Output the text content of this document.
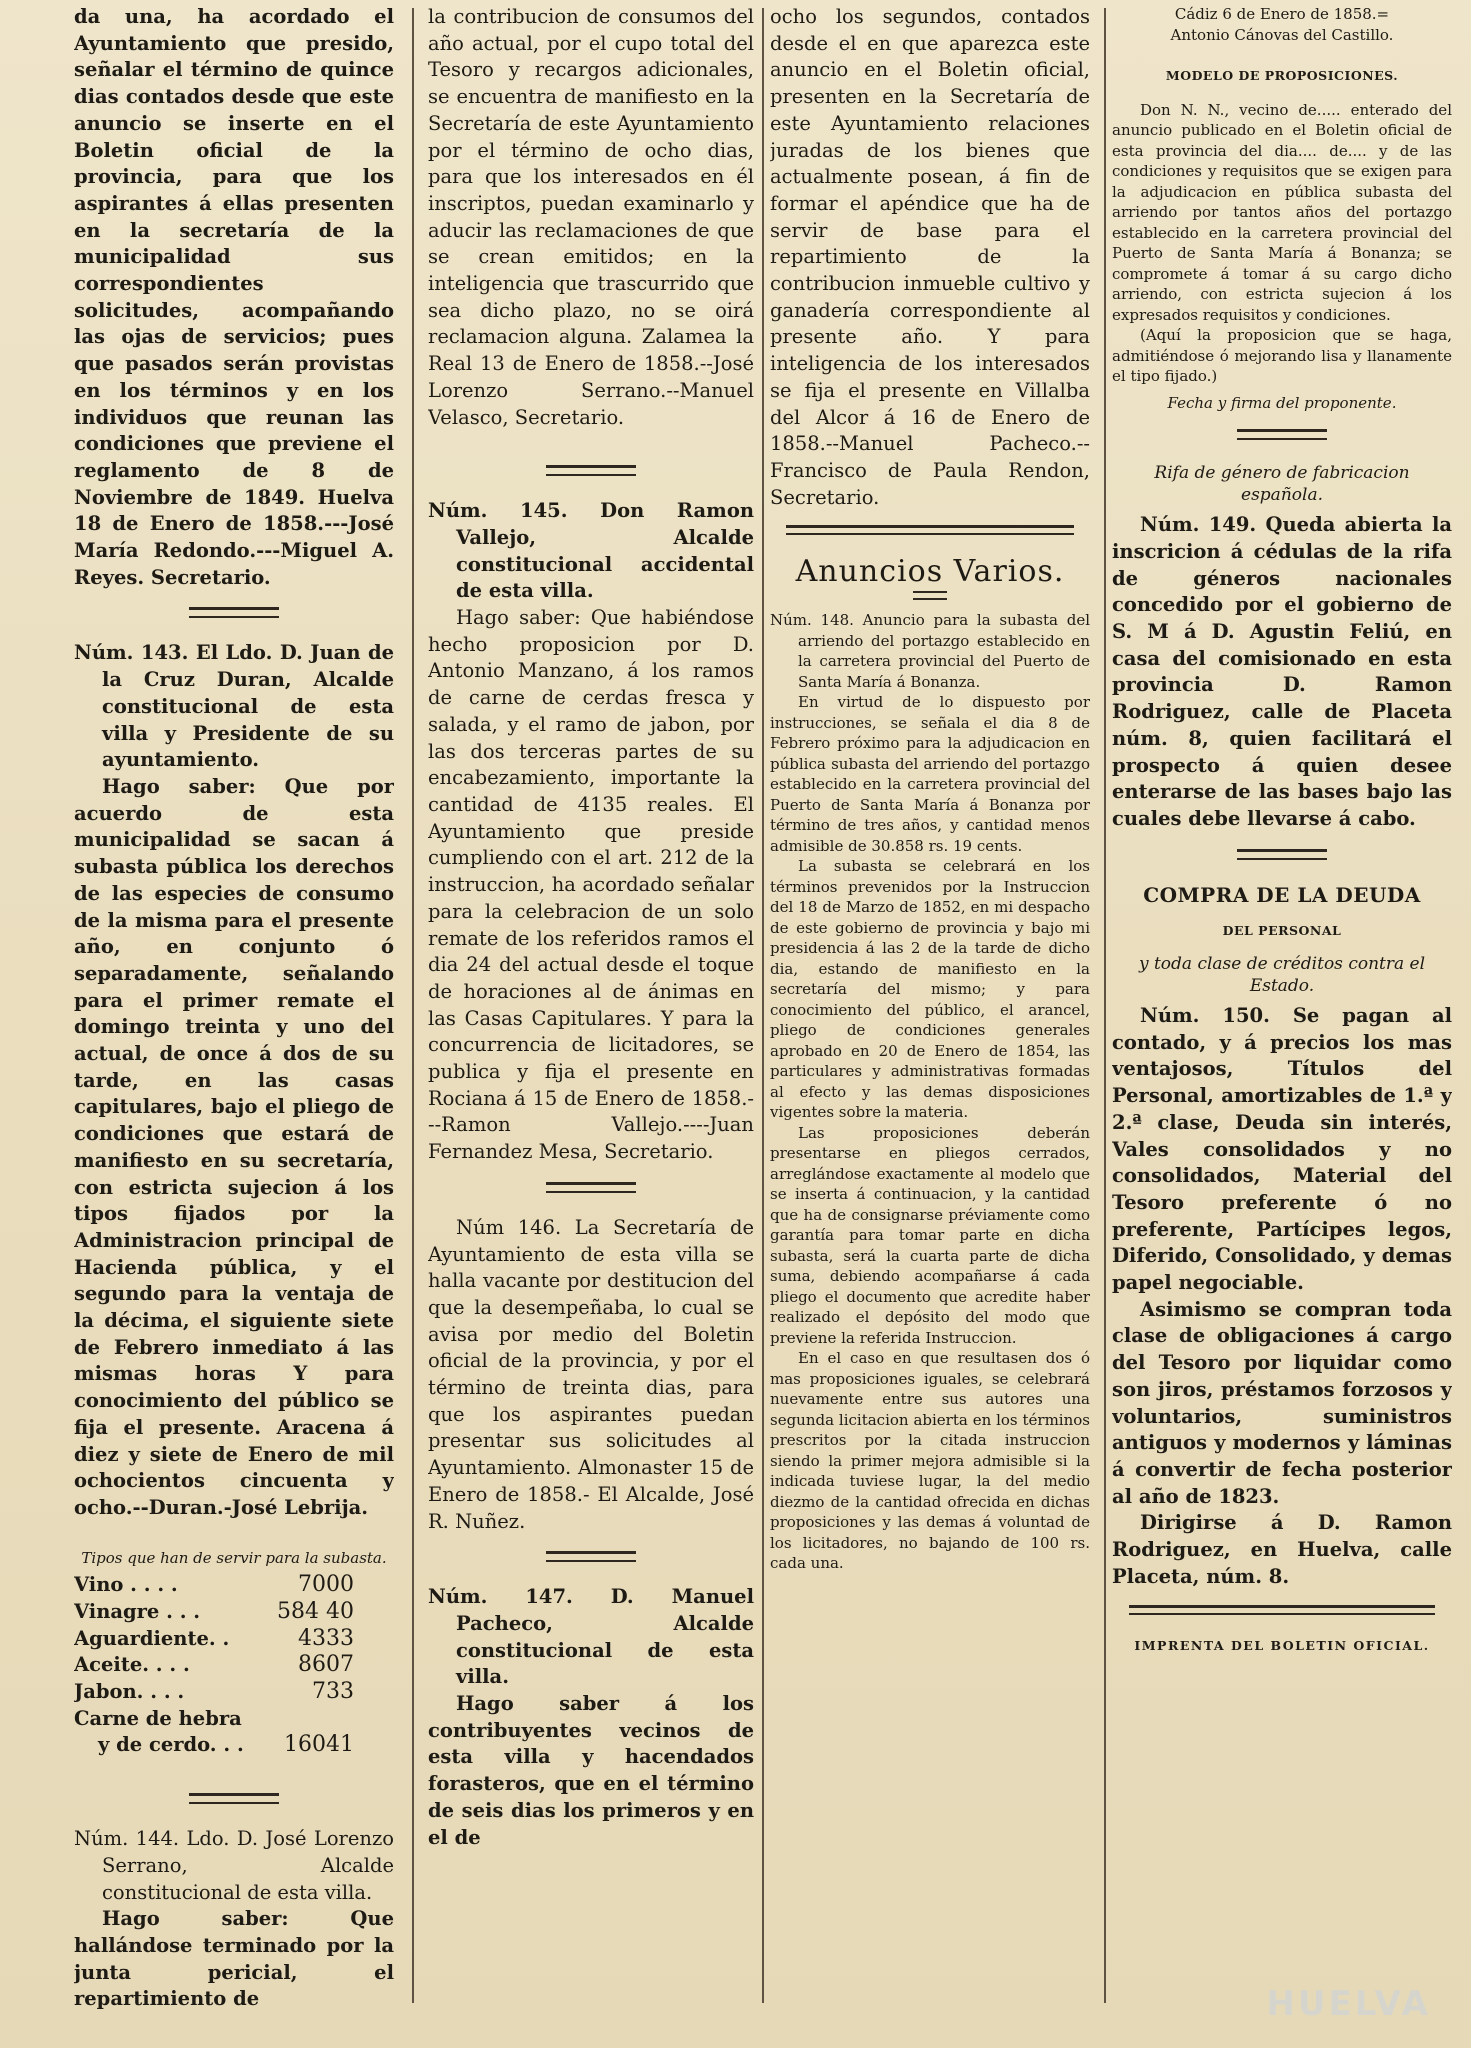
da una, ha acordado el Ayuntamiento que presido, señalar el término de quince dias contados desde que este anuncio se inserte en el Boletin oficial de la provincia, para que los aspirantes á ellas presenten en la secretaría de la municipalidad sus correspondientes solicitudes, acompañando las ojas de servicios; pues que pasados serán provistas en los términos y en los individuos que reunan las condiciones que previene el reglamento de 8 de Noviembre de 1849. Huelva 18 de Enero de 1858.---José María Redondo.---Miguel A. Reyes. Secretario.

Núm. 143. El Ldo. D. Juan de la Cruz Duran, Alcalde constitucional de esta villa y Presidente de su ayuntamiento.

Hago saber: Que por acuerdo de esta municipalidad se sacan á subasta pública los derechos de las especies de consumo de la misma para el presente año, en conjunto ó separadamente, señalando para el primer remate el domingo treinta y uno del actual, de once á dos de su tarde, en las casas capitulares, bajo el pliego de condiciones que estará de manifiesto en su secretaría, con estricta sujecion á los tipos fijados por la Administracion principal de Hacienda pública, y el segundo para la ventaja de la décima, el siguiente siete de Febrero inmediato á las mismas horas Y para conocimiento del público se fija el presente. Aracena á diez y siete de Enero de mil ochocientos cincuenta y ocho.--Duran.-José Lebrija.

Tipos que han de servir para la subasta.

Vino . . . .	7000
Vinagre . . .	584 40
Aguardiente. .	4333
Aceite. . . .	8607
Jabon. . . .	733
Carne de hebra	
y de cerdo. . .	16041

Núm. 144. Ldo. D. José Lorenzo Serrano, Alcalde constitucional de esta villa.

Hago saber: Que hallándose terminado por la junta pericial, el repartimiento de

la contribucion de consumos del año actual, por el cupo total del Tesoro y recargos adicionales, se encuentra de manifiesto en la Secretaría de este Ayuntamiento por el término de ocho dias, para que los interesados en él inscriptos, puedan examinarlo y aducir las reclamaciones de que se crean emitidos; en la inteligencia que trascurrido que sea dicho plazo, no se oirá reclamacion alguna. Zalamea la Real 13 de Enero de 1858.--José Lorenzo Serrano.--Manuel Velasco, Secretario.

Núm. 145. Don Ramon Vallejo, Alcalde constitucional accidental de esta villa.

Hago saber: Que habiéndose hecho proposicion por D. Antonio Manzano, á los ramos de carne de cerdas fresca y salada, y el ramo de jabon, por las dos terceras partes de su encabezamiento, importante la cantidad de 4135 reales. El Ayuntamiento que preside cumpliendo con el art. 212 de la instruccion, ha acordado señalar para la celebracion de un solo remate de los referidos ramos el dia 24 del actual desde el toque de horaciones al de ánimas en las Casas Capitulares. Y para la concurrencia de licitadores, se publica y fija el presente en Rociana á 15 de Enero de 1858.---Ramon Vallejo.----Juan Fernandez Mesa, Secretario.

Núm 146. La Secretaría de Ayuntamiento de esta villa se halla vacante por destitucion del que la desempeñaba, lo cual se avisa por medio del Boletin oficial de la provincia, y por el término de treinta dias, para que los aspirantes puedan presentar sus solicitudes al Ayuntamiento. Almonaster 15 de Enero de 1858.- El Alcalde, José R. Nuñez.

Núm. 147. D. Manuel Pacheco, Alcalde constitucional de esta villa.

Hago saber á los contribuyentes vecinos de esta villa y hacendados forasteros, que en el término de seis dias los primeros y en el de

ocho los segundos, contados desde el en que aparezca este anuncio en el Boletin oficial, presenten en la Secretaría de este Ayuntamiento relaciones juradas de los bienes que actualmente posean, á fin de formar el apéndice que ha de servir de base para el repartimiento de la contribucion inmueble cultivo y ganadería correspondiente al presente año. Y para inteligencia de los interesados se fija el presente en Villalba del Alcor á 16 de Enero de 1858.--Manuel Pacheco.--Francisco de Paula Rendon, Secretario.

Anuncios Varios.

Núm. 148. Anuncio para la subasta del arriendo del portazgo establecido en la carretera provincial del Puerto de Santa María á Bonanza.

En virtud de lo dispuesto por instrucciones, se señala el dia 8 de Febrero próximo para la adjudicacion en pública subasta del arriendo del portazgo establecido en la carretera provincial del Puerto de Santa María á Bonanza por término de tres años, y cantidad menos admisible de 30.858 rs. 19 cents.

La subasta se celebrará en los términos prevenidos por la Instruccion del 18 de Marzo de 1852, en mi despacho de este gobierno de provincia y bajo mi presidencia á las 2 de la tarde de dicho dia, estando de manifiesto en la secretaría del mismo; y para conocimiento del público, el arancel, pliego de condiciones generales aprobado en 20 de Enero de 1854, las particulares y administrativas formadas al efecto y las demas disposiciones vigentes sobre la materia.

Las proposiciones deberán presentarse en pliegos cerrados, arreglándose exactamente al modelo que se inserta á continuacion, y la cantidad que ha de consignarse préviamente como garantía para tomar parte en dicha subasta, será la cuarta parte de dicha suma, debiendo acompañarse á cada pliego el documento que acredite haber realizado el depósito del modo que previene la referida Instruccion.

En el caso en que resultasen dos ó mas proposiciones iguales, se celebrará nuevamente entre sus autores una segunda licitacion abierta en los términos prescritos por la citada instruccion siendo la primer mejora admisible si la indicada tuviese lugar, la del medio diezmo de la cantidad ofrecida en dichas proposiciones y las demas á voluntad de los licitadores, no bajando de 100 rs. cada una.

Cádiz 6 de Enero de 1858.=

Antonio Cánovas del Castillo.

MODELO DE PROPOSICIONES.

Don N. N., vecino de..... enterado del anuncio publicado en el Boletin oficial de esta provincia del dia.... de.... y de las condiciones y requisitos que se exigen para la adjudicacion en pública subasta del arriendo por tantos años del portazgo establecido en la carretera provincial del Puerto de Santa María á Bonanza; se compromete á tomar á su cargo dicho arriendo, con estricta sujecion á los expresados requisitos y condiciones.

(Aquí la proposicion que se haga, admitiéndose ó mejorando lisa y llanamente el tipo fijado.)

Fecha y firma del proponente.

Rifa de género de fabricacion española.

Núm. 149. Queda abierta la inscricion á cédulas de la rifa de géneros nacionales concedido por el gobierno de S. M á D. Agustin Feliú, en casa del comisionado en esta provincia D. Ramon Rodriguez, calle de Placeta núm. 8, quien facilitará el prospecto á quien desee enterarse de las bases bajo las cuales debe llevarse á cabo.

COMPRA DE LA DEUDA

DEL PERSONAL

y toda clase de créditos contra el Estado.

Núm. 150. Se pagan al contado, y á precios los mas ventajosos, Títulos del Personal, amortizables de 1.ª y 2.ª clase, Deuda sin interés, Vales consolidados y no consolidados, Material del Tesoro preferente ó no preferente, Partícipes legos, Diferido, Consolidado, y demas papel negociable.

Asimismo se compran toda clase de obligaciones á cargo del Tesoro por liquidar como son jiros, préstamos forzosos y voluntarios, suministros antiguos y modernos y láminas á convertir de fecha posterior al año de 1823.

Dirigirse á D. Ramon Rodriguez, en Huelva, calle Placeta, núm. 8.

IMPRENTA DEL BOLETIN OFICIAL.

HUELVA
